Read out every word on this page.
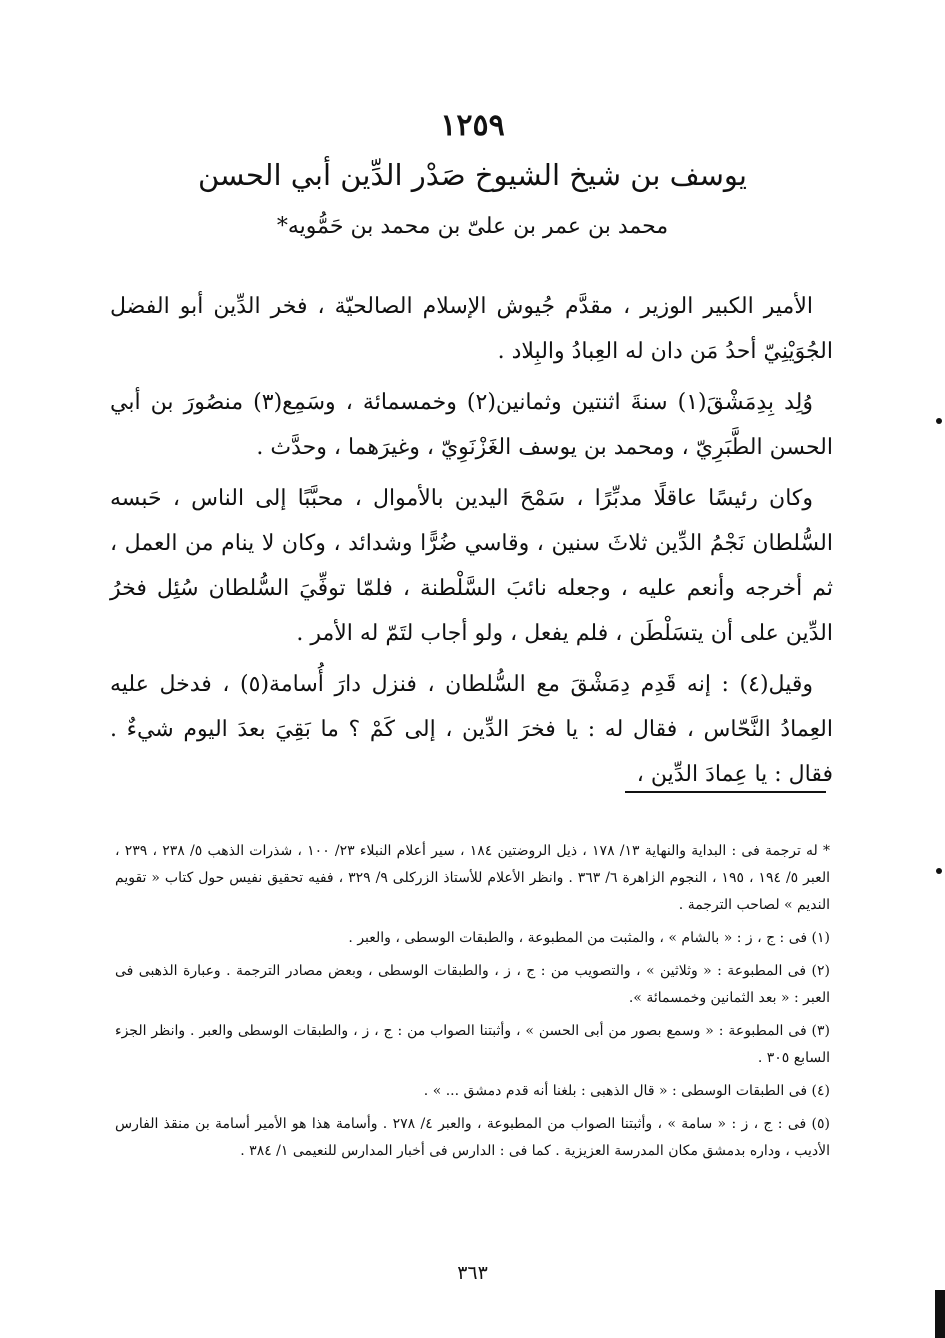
١٢٥٩
يوسف بن شيخ الشيوخ صَدْر الدِّين أبي الحسن
محمد بن عمر بن علىّ بن محمد بن حَمُّويه*

الأمير الكبير الوزير ، مقدَّم جُيوش الإسلام الصالحيّة ، فخر الدِّين أبو الفضل الجُوَيْنِيّ أحدُ مَن دان له العِبادُ والبِلاد .

وُلِد بِدِمَشْقَ(١) سنةَ اثنتين وثمانين(٢) وخمسمائة ، وسَمِع(٣) منصُورَ بن أبي الحسن الطَّبَرِيّ ، ومحمد بن يوسف الغَزْنَوِيّ ، وغيرَهما ، وحدَّث .

وكان رئيسًا عاقلًا مدبِّرًا ، سَمْحَ اليدين بالأموال ، محبَّبًا إلى الناس ، حَبسه السُّلطان نَجْمُ الدِّين ثلاثَ سنين ، وقاسي ضُرًّا وشدائد ، وكان لا ينام من العمل ، ثم أخرجه وأنعم عليه ، وجعله نائبَ السَّلْطنة ، فلمّا توفِّيَ السُّلطان سُئِل فخرُ الدِّين على أن يتسَلْطَن ، فلم يفعل ، ولو أجاب لتَمّ له الأمر .

وقيل(٤) : إنه قَدِم دِمَشْقَ مع السُّلطان ، فنزل دارَ أُسامة(٥) ، فدخل عليه العِمادُ النَّحّاس ، فقال له : يا فخرَ الدِّين ، إلى كَمْ ؟ ما بَقِيَ بعدَ اليوم شيءٌ . فقال : يا عِمادَ الدِّين ،

* له ترجمة فى : البداية والنهاية ١٣/ ١٧٨ ، ذيل الروضتين ١٨٤ ، سير أعلام النبلاء ٢٣/ ١٠٠ ، شذرات الذهب ٥/ ٢٣٨ ، ٢٣٩ ، العبر ٥/ ١٩٤ ، ١٩٥ ، النجوم الزاهرة ٦/ ٣٦٣ . وانظر الأعلام للأستاذ الزركلى ٩/ ٣٢٩ ، ففيه تحقيق نفيس حول كتاب « تقويم النديم » لصاحب الترجمة .

(١) فى : ج ، ز : « بالشام » ، والمثبت من المطبوعة ، والطبقات الوسطى ، والعبر .

(٢) فى المطبوعة : « وثلاثين » ، والتصويب من : ج ، ز ، والطبقات الوسطى ، وبعض مصادر الترجمة . وعبارة الذهبى فى العبر : « بعد الثمانين وخمسمائة ».

(٣) فى المطبوعة : « وسمع بصور من أبى الحسن » ، وأثبتنا الصواب من : ج ، ز ، والطبقات الوسطى والعبر . وانظر الجزء السابع ٣٠٥ .

(٤) فى الطبقات الوسطى : « قال الذهبى : بلغنا أنه قدم دمشق ... » .

(٥) فى : ج ، ز : « سامة » ، وأثبتنا الصواب من المطبوعة ، والعبر ٤/ ٢٧٨ . وأسامة هذا هو الأمير أسامة بن منقذ الفارس الأديب ، وداره بدمشق مكان المدرسة العزيزية . كما فى : الدارس فى أخبار المدارس للنعيمى ١/ ٣٨٤ .

٣٦٣
